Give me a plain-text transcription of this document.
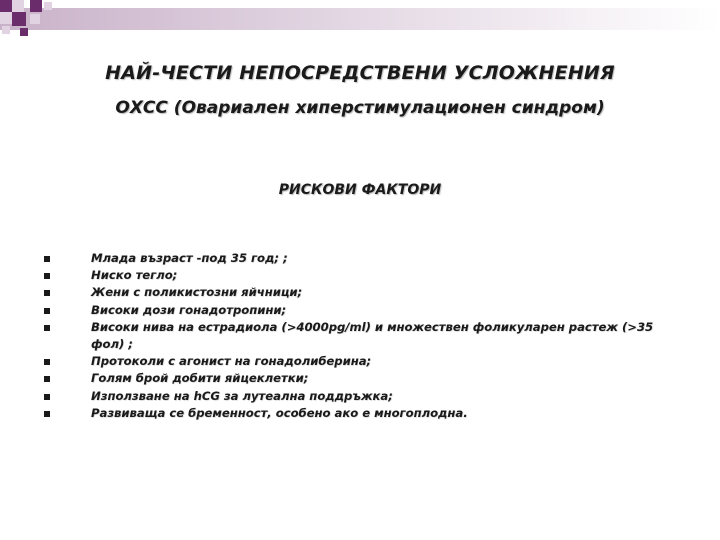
НАЙ-ЧЕСТИ НЕПОСРЕДСТВЕНИ УСЛОЖНЕНИЯ
ОХСС (Овариален хиперстимулационен синдром)
РИСКОВИ ФАКТОРИ
Млада възраст -под 35 год; ;
Ниско тегло;
Жени с поликистозни яйчници;
Високи дози гонадотропини;
Високи нива на естрадиола (>4000pg/ml) и множествен фоликуларен растеж (>35 фол) ;
Протоколи с агонист на гонадолиберина;
Голям брой добити яйцеклетки;
Използване на hCG за лутеална поддръжка;
Развиваща се бременност, особено ако е многоплодна.
